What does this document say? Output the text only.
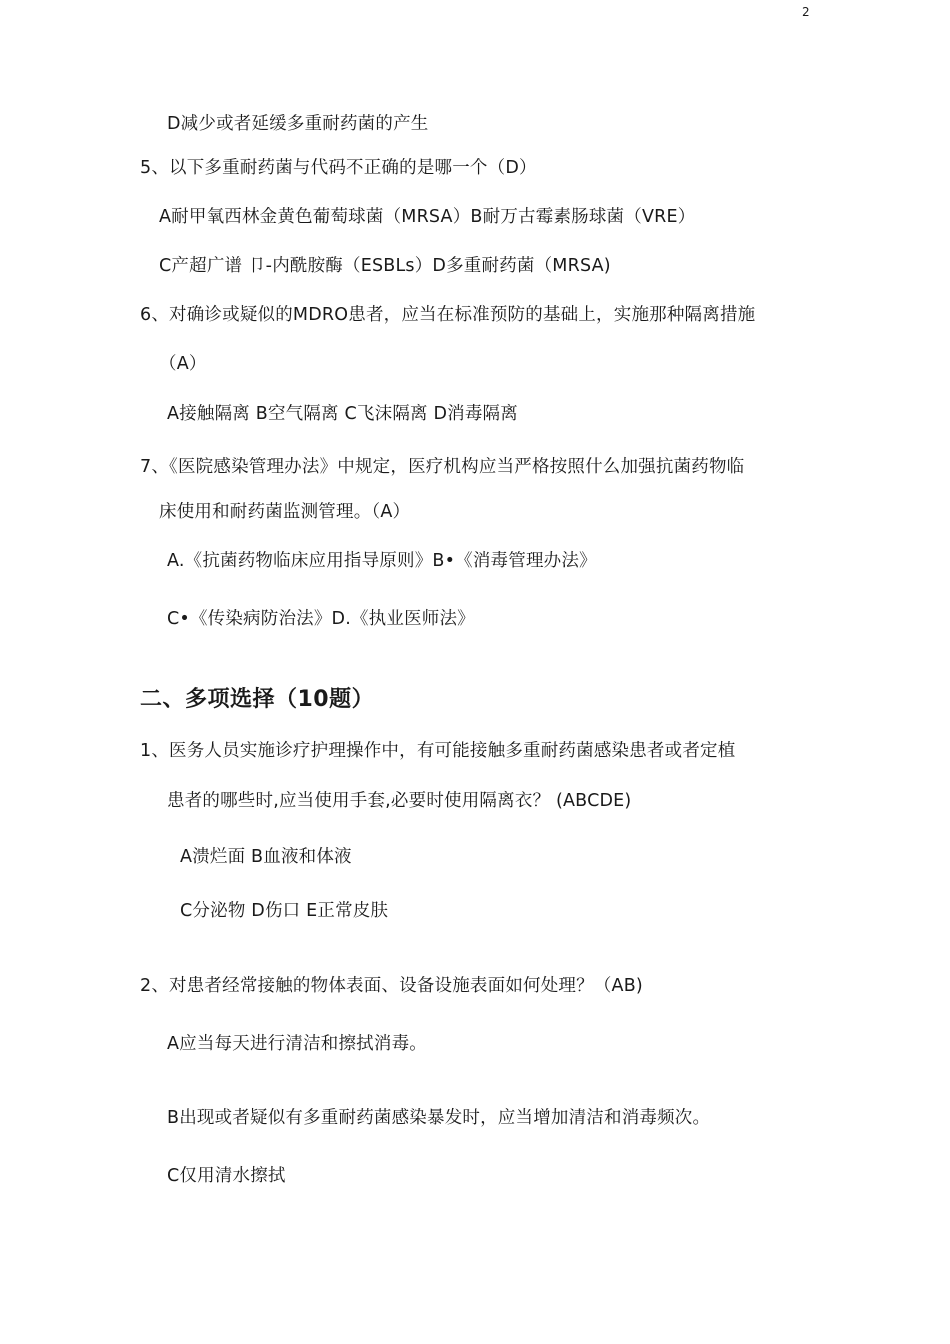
2
D减少或者延缓多重耐药菌的产生
5、以下多重耐药菌与代码不正确的是哪一个（D）
A耐甲氧西林金黄色葡萄球菌（MRSA）B耐万古霉素肠球菌（VRE）
C产超广谱 卩-内酰胺酶（ESBLs）D多重耐药菌（MRSA)
6、对确诊或疑似的MDRO患者，应当在标准预防的基础上，实施那种隔离措施
（A）
A接触隔离 B空气隔离 C飞沫隔离 D消毒隔离
7、《医院感染管理办法》中规定，医疗机构应当严格按照什么加强抗菌药物临
床使用和耐药菌监测管理。（A）
A.《抗菌药物临床应用指导原则》B•《消毒管理办法》
C•《传染病防治法》D.《执业医师法》
二、多项选择（10题）
1、医务人员实施诊疗护理操作中，有可能接触多重耐药菌感染患者或者定植
患者的哪些时,应当使用手套,必要时使用隔离衣？ (ABCDE)
A溃烂面 B血液和体液
C分泌物 D伤口 E正常皮肤
2、对患者经常接触的物体表面、设备设施表面如何处理？（AB)
A应当每天进行清洁和擦拭消毒。
B出现或者疑似有多重耐药菌感染暴发时，应当增加清洁和消毒频次。
C仅用清水擦拭
